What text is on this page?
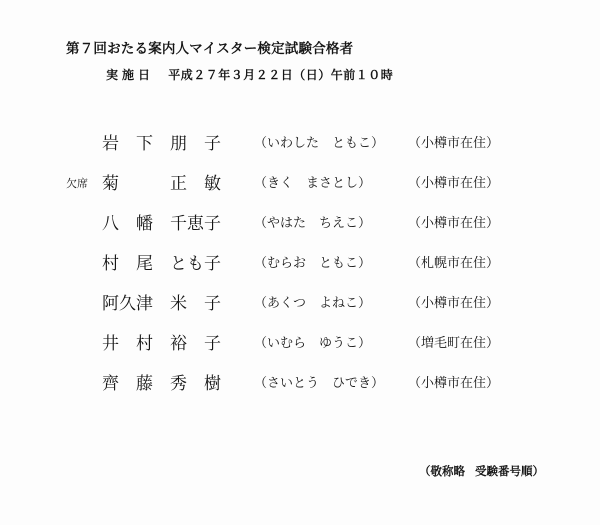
第７回おたる案内人マイスター検定試験合格者
実施日 平成２７年３月２２日（日）午前１０時
岩 下 朋 子	（いわした　ともこ） （小樽市在住）
欠席 菊	正 敏	（きく　まさとし）	（小樽市在住）
八 幡 千恵子	（やはた　ちえこ）	（小樽市在住）
村 尾 とも子	（むらお　ともこ）	（札幌市在住）
阿久津 米 子	（あくつ　よねこ）	（小樽市在住）
井 村 裕 子	（いむら　ゆうこ）	（増毛町在住）
齊 藤 秀 樹	（さいとう　ひでき） （小樽市在住）
（敬称略 受験番号順）
